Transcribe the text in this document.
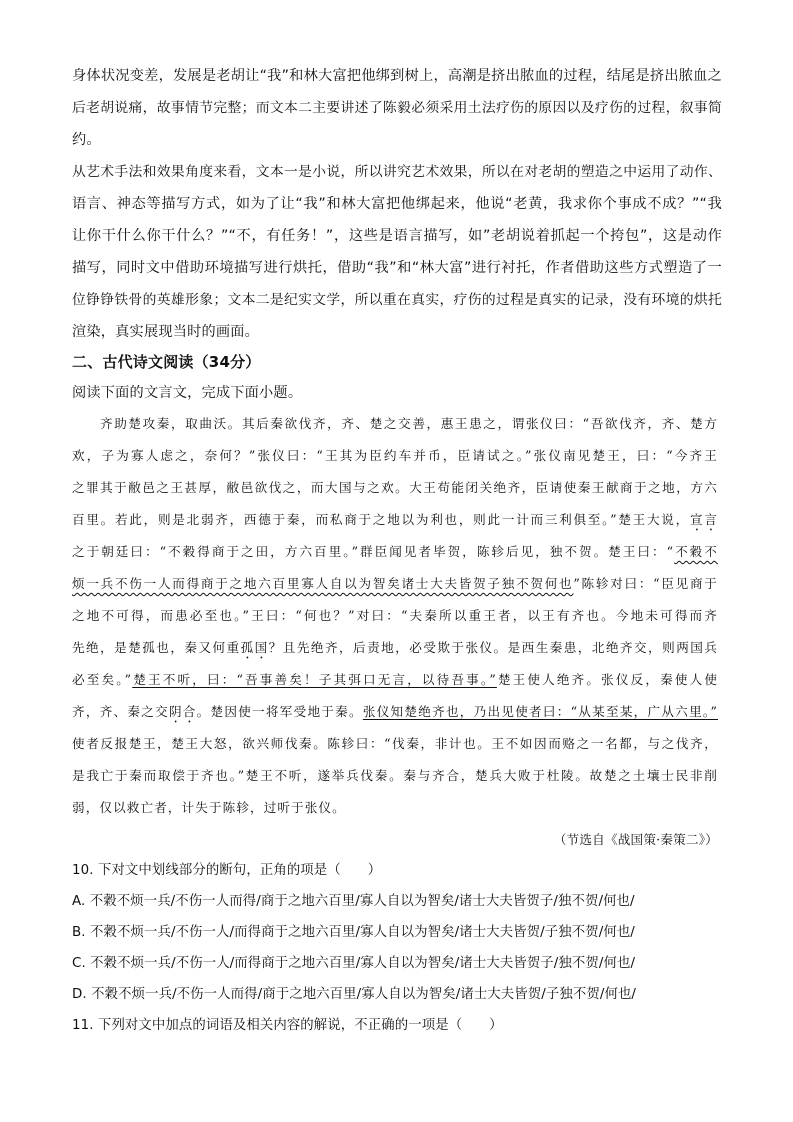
身体状况变差，发展是老胡让“我”和林大富把他绑到树上，高潮是挤出脓血的过程，结尾是挤出脓血之
后老胡说痛，故事情节完整；而文本二主要讲述了陈毅必须采用土法疗伤的原因以及疗伤的过程，叙事简
约。
从艺术手法和效果角度来看，文本一是小说，所以讲究艺术效果，所以在对老胡的塑造之中运用了动作、
语言、神态等描写方式，如为了让“我”和林大富把他绑起来，他说“老黄，我求你个事成不成？”“我
让你干什么你干什么？”“不，有任务！”，这些是语言描写，如”老胡说着抓起一个挎包”，这是动作
描写，同时文中借助环境描写进行烘托，借助“我”和“林大富”进行衬托，作者借助这些方式塑造了一
位铮铮铁骨的英雄形象；文本二是纪实文学，所以重在真实，疗伤的过程是真实的记录，没有环境的烘托
渲染，真实展现当时的画面。
二、古代诗文阅读（34分）
阅读下面的文言文，完成下面小题。
齐助楚攻秦，取曲沃。其后秦欲伐齐，齐、楚之交善，惠王患之，谓张仪曰：“吾欲伐齐，齐、楚方
欢，子为寡人虑之，奈何？”张仪曰：“王其为臣约车并币，臣请试之。”张仪南见楚王，曰：“今齐王
之罪其于敝邑之王甚厚，敝邑欲伐之，而大国与之欢。大王苟能闭关绝齐，臣请使秦王献商于之地，方六
百里。若此，则是北弱齐，西德于秦，而私商于之地以为利也，则此一计而三利俱至。”楚王大说，宣言
之于朝廷曰：“不穀得商于之田，方六百里。”群臣闻见者毕贺，陈轸后见，独不贺。楚王曰：“不穀不
烦一兵不伤一人而得商于之地六百里寡人自以为智矣诸士大夫皆贺子独不贺何也”陈轸对曰：“臣见商于
之地不可得，而患必至也。”王曰：“何也？”对曰：“夫秦所以重王者，以王有齐也。今地未可得而齐
先绝，是楚孤也，秦又何重孤国？且先绝齐，后责地，必受欺于张仪。是西生秦患，北绝齐交，则两国兵
必至矣。”楚王不听，曰：“吾事善矣！子其弭口无言，以待吾事。”楚王使人绝齐。张仪反，秦使人使
齐，齐、秦之交阴合。楚因使一将军受地于秦。张仪知楚绝齐也，乃出见使者曰：“从某至某，广从六里。”
使者反报楚王，楚王大怒，欲兴师伐秦。陈轸曰：“伐秦，非计也。王不如因而赂之一名都，与之伐齐，
是我亡于秦而取偿于齐也。”楚王不听，遂举兵伐秦。秦与齐合，楚兵大败于杜陵。故楚之土壤士民非削
弱，仅以救亡者，计失于陈轸，过听于张仪。
（节选自《战国策·秦策二》）
10. 下对文中划线部分的断句，正角的项是（　　）
A. 不穀不烦一兵/不伤一人而得/商于之地六百里/寡人自以为智矣/诸士大夫皆贺子/独不贺/何也/
B. 不穀不烦一兵/不伤一人/而得商于之地六百里/寡人自以为智矣/诸士大夫皆贺/子独不贺/何也/
C. 不穀不烦一兵/不伤一人/而得商于之地六百里/寡人自以为智矣/诸士大夫皆贺子/独不贺/何也/
D. 不穀不烦一兵/不伤一人而得/商于之地六百里/寡人自以为智矣/诸士大夫皆贺/子独不贺/何也/
11. 下列对文中加点的词语及相关内容的解说，不正确的一项是（　　）
